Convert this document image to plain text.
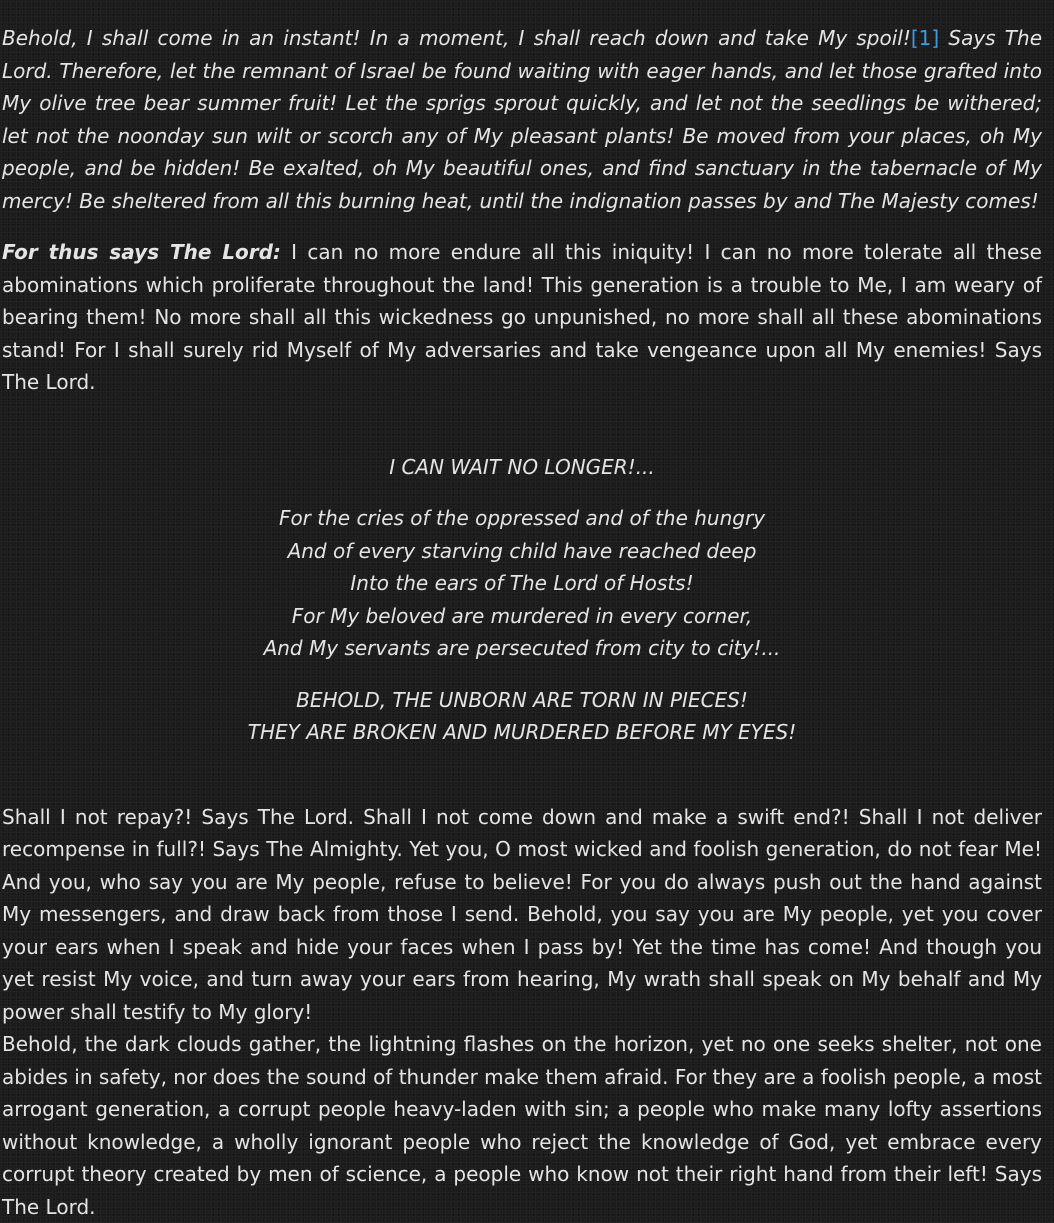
Behold, I shall come in an instant! In a moment, I shall reach down and take My spoil![1] Says The Lord. Therefore, let the remnant of Israel be found waiting with eager hands, and let those grafted into My olive tree bear summer fruit! Let the sprigs sprout quickly, and let not the seedlings be withered; let not the noonday sun wilt or scorch any of My pleasant plants! Be moved from your places, oh My people, and be hidden! Be exalted, oh My beautiful ones, and find sanctuary in the tabernacle of My mercy! Be sheltered from all this burning heat, until the indignation passes by and The Majesty comes!

For thus says The Lord: I can no more endure all this iniquity! I can no more tolerate all these abominations which proliferate throughout the land! This generation is a trouble to Me, I am weary of bearing them! No more shall all this wickedness go unpunished, no more shall all these abominations stand! For I shall surely rid Myself of My adversaries and take vengeance upon all My enemies! Says The Lord.

I CAN WAIT NO LONGER!...

For the cries of the oppressed and of the hungry
And of every starving child have reached deep
Into the ears of The Lord of Hosts!
For My beloved are murdered in every corner,
And My servants are persecuted from city to city!...

BEHOLD, THE UNBORN ARE TORN IN PIECES!
THEY ARE BROKEN AND MURDERED BEFORE MY EYES!

Shall I not repay?! Says The Lord. Shall I not come down and make a swift end?! Shall I not deliver recompense in full?! Says The Almighty. Yet you, O most wicked and foolish generation, do not fear Me! And you, who say you are My people, refuse to believe! For you do always push out the hand against My messengers, and draw back from those I send. Behold, you say you are My people, yet you cover your ears when I speak and hide your faces when I pass by! Yet the time has come! And though you yet resist My voice, and turn away your ears from hearing, My wrath shall speak on My behalf and My power shall testify to My glory!

Behold, the dark clouds gather, the lightning flashes on the horizon, yet no one seeks shelter, not one abides in safety, nor does the sound of thunder make them afraid. For they are a foolish people, a most arrogant generation, a corrupt people heavy-laden with sin; a people who make many lofty assertions without knowledge, a wholly ignorant people who reject the knowledge of God, yet embrace every corrupt theory created by men of science, a people who know not their right hand from their left! Says The Lord.
